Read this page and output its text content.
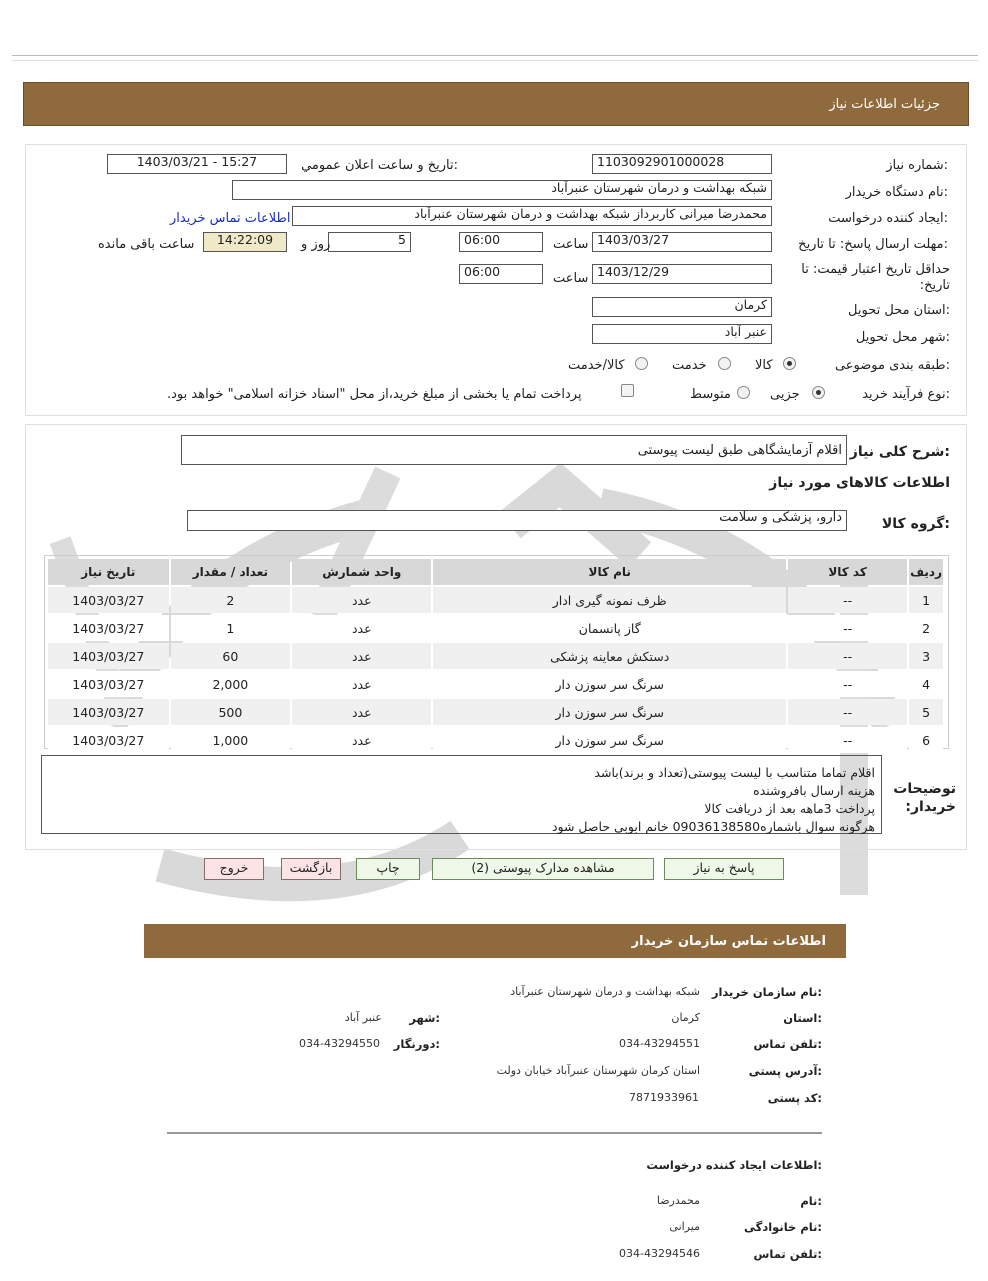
جزئیات اطلاعات نیاز
شماره نیاز:
1103092901000028
تاریخ و ساعت اعلان عمومي:
1403/03/21 - 15:27
نام دستگاه خریدار:
شبکه بهداشت و درمان شهرستان عنبرآباد
ایجاد کننده درخواست:
محمدرضا میرانی کاربرداز شبکه بهداشت و درمان شهرستان عنبرآباد
اطلاعات تماس خریدار
مهلت ارسال پاسخ: تا تاریخ:
1403/03/27
ساعت
06:00
5
روز و
14:22:09
ساعت باقی مانده
حداقل تاریخ اعتبار قیمت: تا تاریخ:
1403/12/29
ساعت
06:00
استان محل تحویل:
کرمان
شهر محل تحویل:
عنبر آباد
طبقه بندی موضوعی:
کالا
خدمت
کالا/خدمت
نوع فرآیند خرید:
جزیی
متوسط
پرداخت تمام یا بخشی از مبلغ خرید،از محل "اسناد خزانه اسلامی" خواهد بود.
شرح کلی نیاز:
اقلام آزمایشگاهی طبق لیست پیوستی
اطلاعات کالاهای مورد نیاز
گروه کالا:
دارو، پزشکی و سلامت
ردیف	کد کالا	نام کالا	واحد شمارش	تعداد / مقدار	تاریخ نیاز
1	--	ظرف نمونه گیری ادار	عدد	2	1403/03/27
2	--	گاز پانسمان	عدد	1	1403/03/27
3	--	دستکش معاینه پزشکی	عدد	60	1403/03/27
4	--	سرنگ سر سوزن دار	عدد	2,000	1403/03/27
5	--	سرنگ سر سوزن دار	عدد	500	1403/03/27
6	--	سرنگ سر سوزن دار	عدد	1,000	1403/03/27
توضیحات خریدار:
اقلام تماما متناسب با لیست پیوستی(تعداد و برند)باشد
هزینه ارسال بافروشنده
پرداخت 3ماهه بعد از دریافت کالا
هرگونه سوال باشماره09036138580 خانم ابوبی حاصل شود
پاسخ به نیاز
مشاهده مدارک پیوستی (2)
چاپ
بازگشت
خروج
اطلاعات تماس سازمان خریدار
نام سازمان خریدار:
شبکه بهداشت و درمان شهرستان عنبرآباد
استان:
کرمان
شهر:
عنبر آباد
تلفن تماس:
034-43294551
دورنگار:
034-43294550
آدرس پستی:
استان کرمان شهرستان عنبرآباد خیابان دولت
کد پستی:
7871933961
اطلاعات ایجاد کننده درخواست:
نام:
محمدرضا
نام خانوادگی:
میرانی
تلفن تماس:
034-43294546
